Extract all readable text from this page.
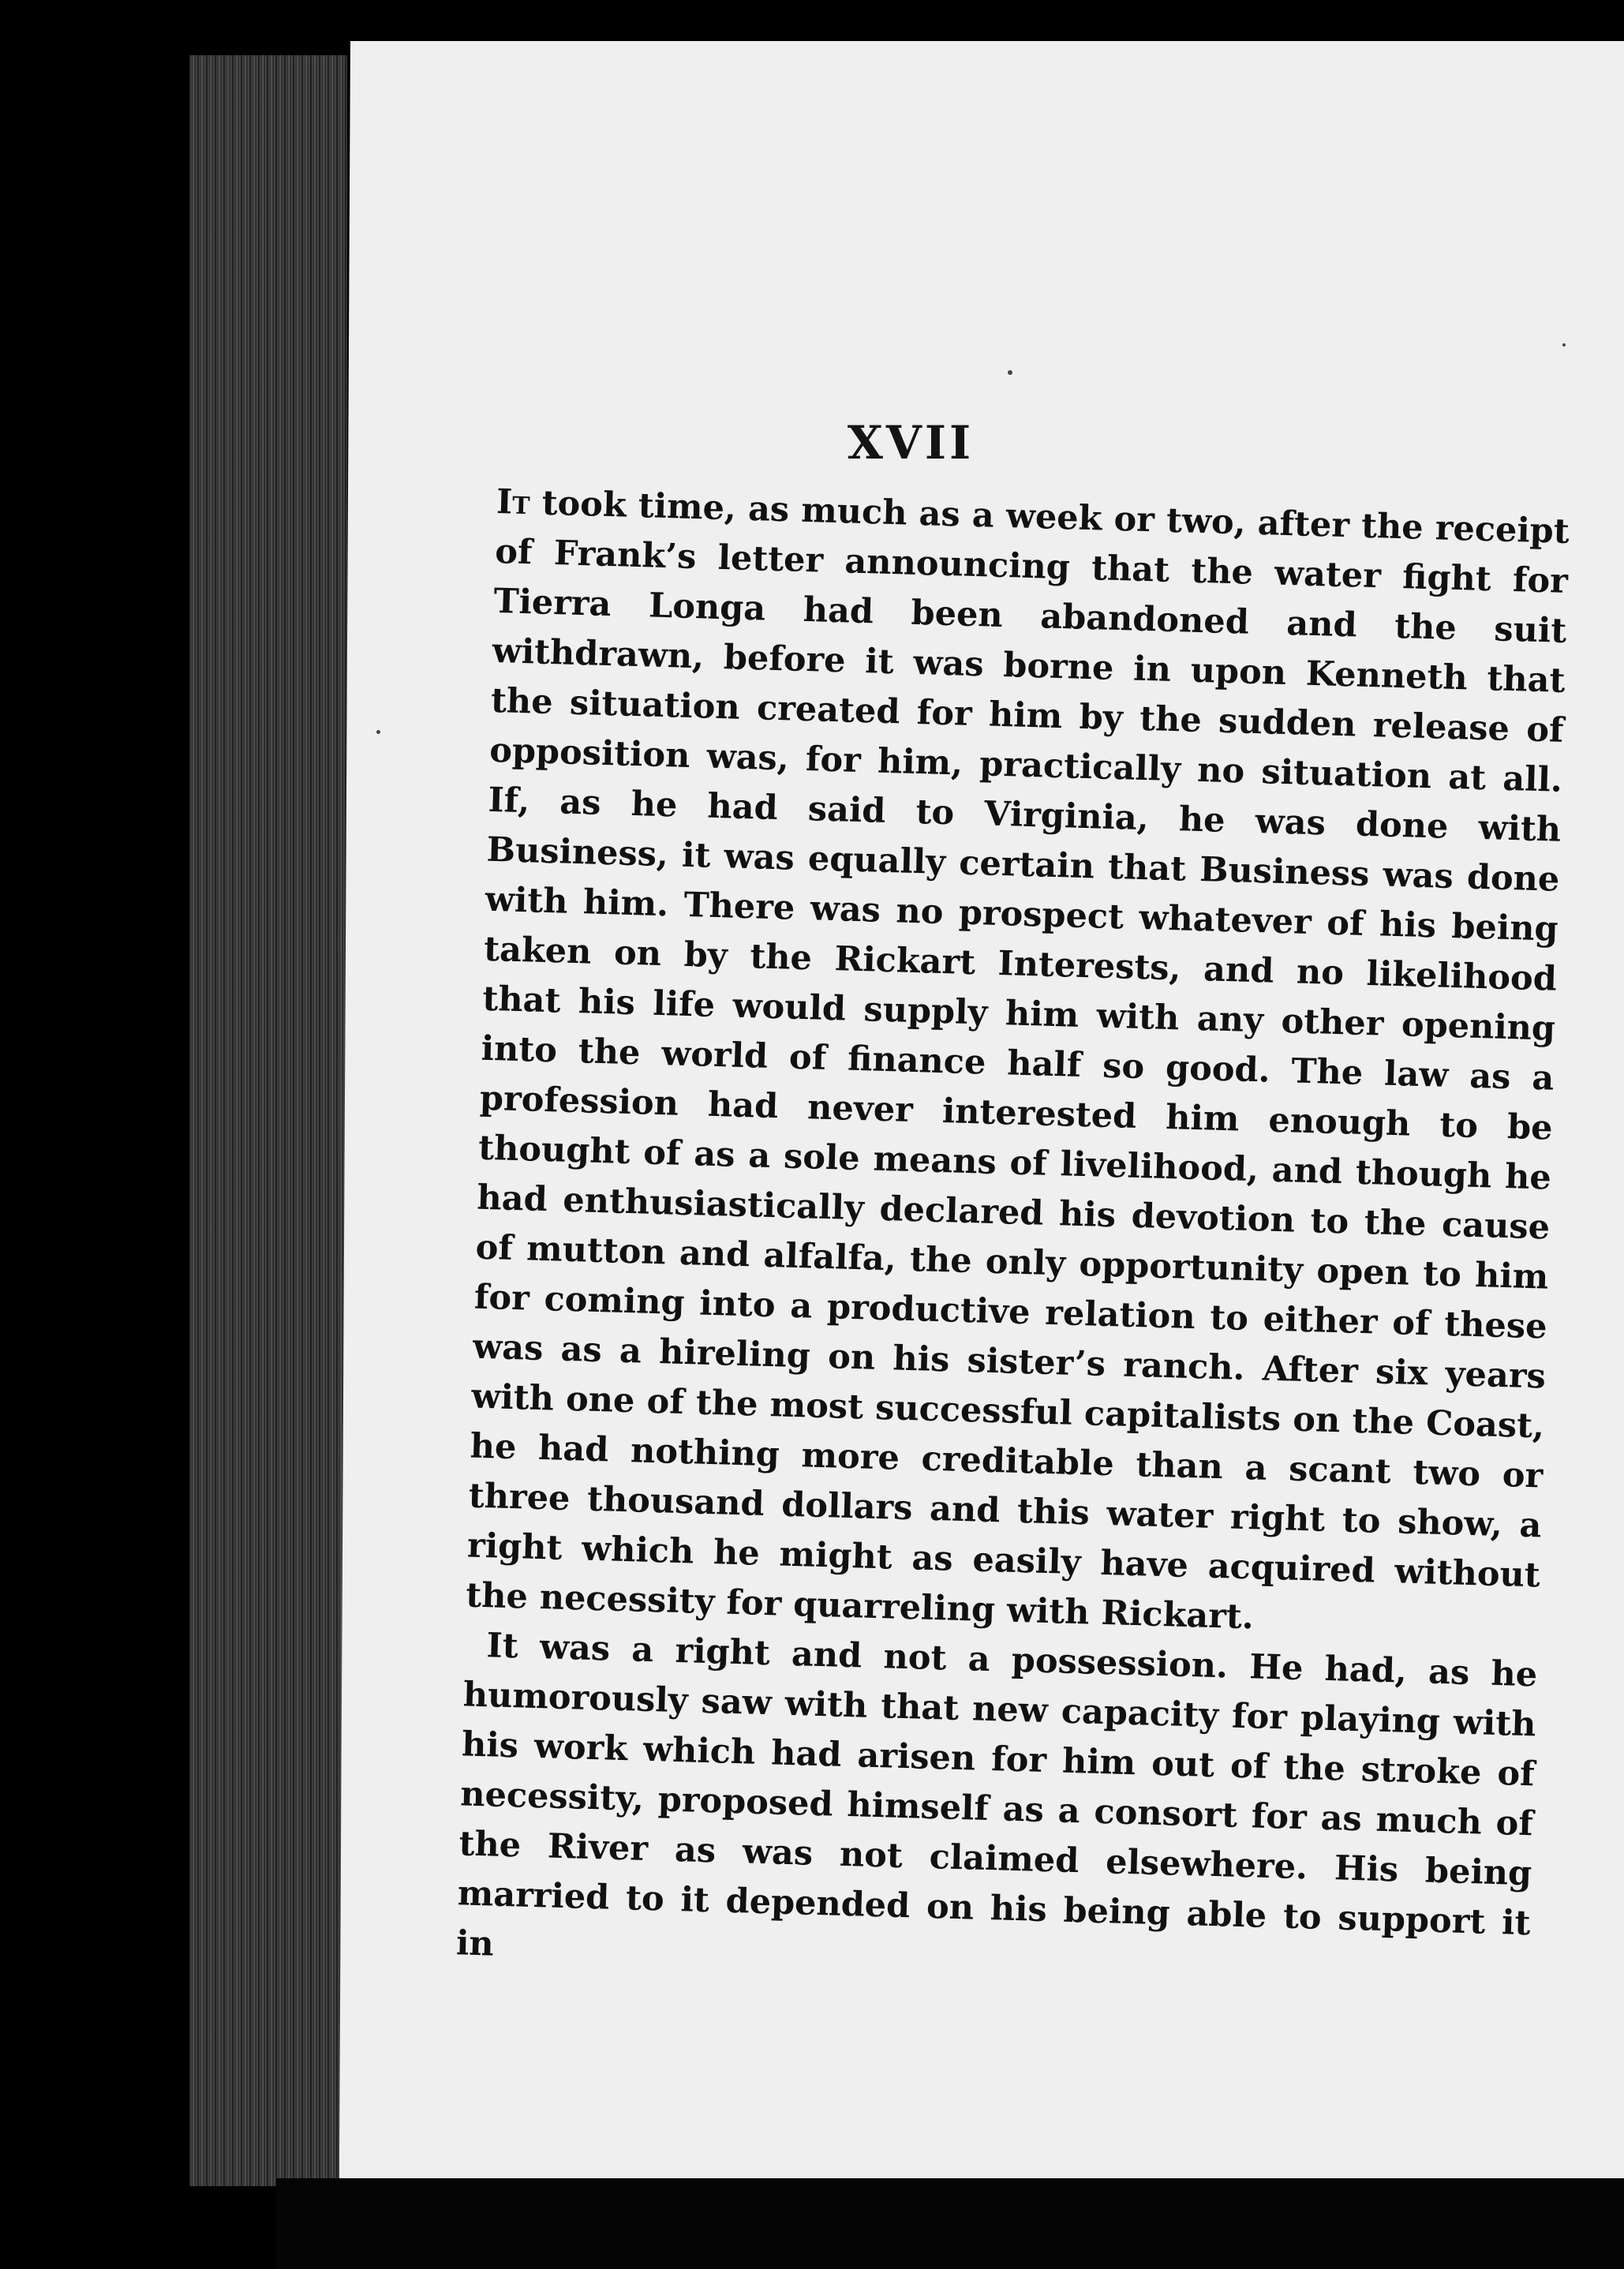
XVII

It took time, as much as a week or two, after the receipt of Frank’s letter announcing that the water fight for Tierra Longa had been abandoned and the suit withdrawn, before it was borne in upon Kenneth that the situation created for him by the sudden release of opposition was, for him, practically no situation at all. If, as he had said to Virginia, he was done with Business, it was equally certain that Business was done with him. There was no prospect whatever of his being taken on by the Rickart Interests, and no likelihood that his life would supply him with any other opening into the world of finance half so good. The law as a profession had never interested him enough to be thought of as a sole means of livelihood, and though he had enthusiastically declared his devotion to the cause of mutton and alfalfa, the only opportunity open to him for coming into a productive relation to either of these was as a hireling on his sister’s ranch. After six years with one of the most successful capitalists on the Coast, he had nothing more creditable than a scant two or three thousand dollars and this water right to show, a right which he might as easily have acquired without the necessity for quarreling with Rickart.

It was a right and not a possession. He had, as he humorously saw with that new capacity for playing with his work which had arisen for him out of the stroke of necessity, proposed himself as a consort for as much of the River as was not claimed elsewhere. His being married to it depended on his being able to support it in
